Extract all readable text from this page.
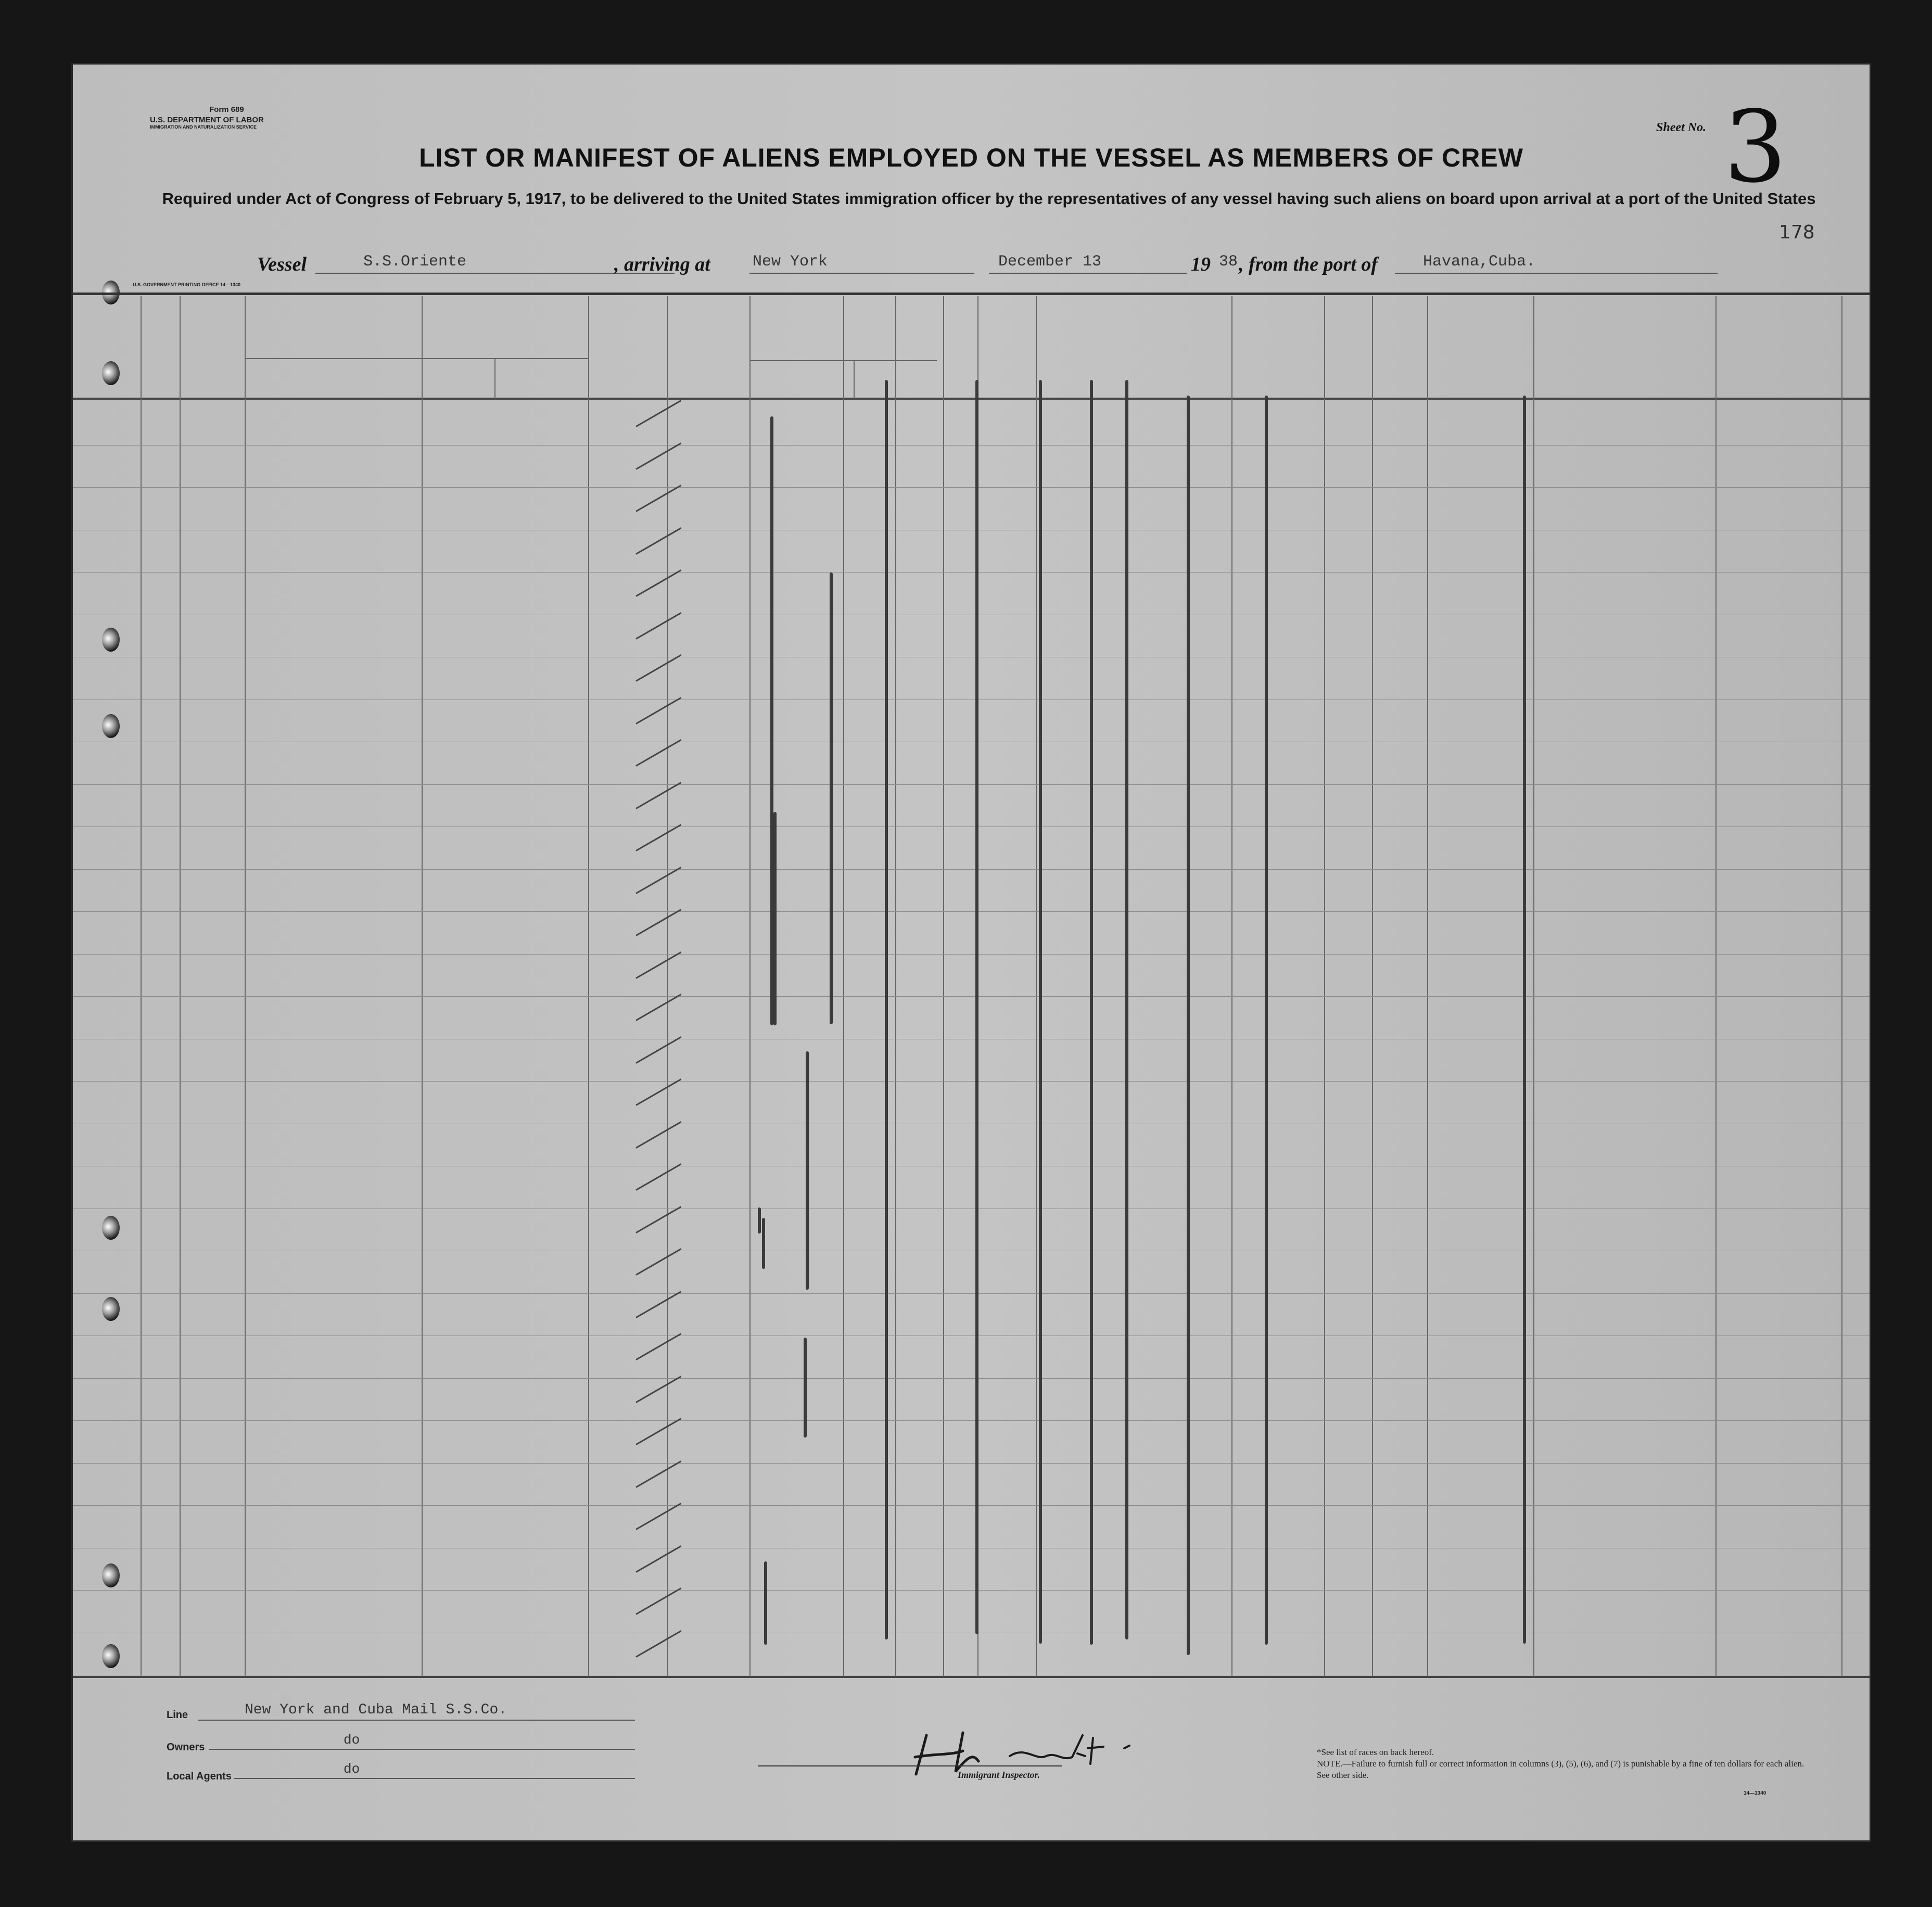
Form 689
U.S. DEPARTMENT OF LABOR
IMMIGRATION AND NATURALIZATION SERVICE	Sheet No. 3
178
LIST OR MANIFEST OF ALIENS EMPLOYED ON THE VESSEL AS MEMBERS OF CREW
Required under Act of Congress of February 5, 1917, to be delivered to the United States immigration officer by the representatives of any vessel having such aliens on board upon arrival at a port of the United States
Vessel	S.S.Oriente	, arriving at	New York	December 13	19 38 , from the port of	Havana,Cuba.
U.S. GOVERNMENT PRINTING OFFICE 14—1340
Line	New York and Cuba Mail S.S.Co.
Owners	do
Local Agents	do	Immigrant Inspector.
*See list of races on back hereof.
NOTE.—Failure to furnish full or correct information in columns (3), (5), (6), and (7) is punishable by a fine of ten dollars for each alien. See other side.
14—1340
